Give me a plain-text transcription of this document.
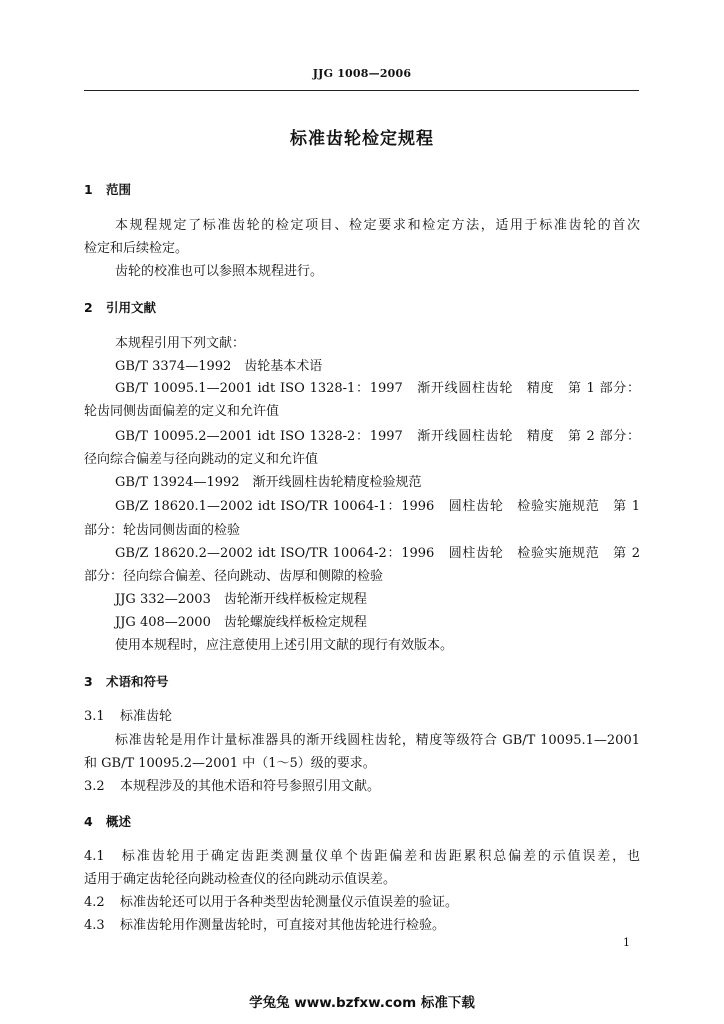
JJG 1008—2006
标准齿轮检定规程
1 范围
本规程规定了标准齿轮的检定项目、检定要求和检定方法，适用于标准齿轮的首次
检定和后续检定。
齿轮的校准也可以参照本规程进行。
2 引用文献
本规程引用下列文献：
GB/T 3374—1992　齿轮基本术语
GB/T 10095.1—2001 idt ISO 1328-1：1997　渐开线圆柱齿轮　精度　第 1 部分：
轮齿同侧齿面偏差的定义和允许值
GB/T 10095.2—2001 idt ISO 1328-2：1997　渐开线圆柱齿轮　精度　第 2 部分：
径向综合偏差与径向跳动的定义和允许值
GB/T 13924—1992　渐开线圆柱齿轮精度检验规范
GB/Z 18620.1—2002 idt ISO/TR 10064-1：1996　圆柱齿轮　检验实施规范　第 1
部分：轮齿同侧齿面的检验
GB/Z 18620.2—2002 idt ISO/TR 10064-2：1996　圆柱齿轮　检验实施规范　第 2
部分：径向综合偏差、径向跳动、齿厚和侧隙的检验
JJG 332—2003　齿轮渐开线样板检定规程
JJG 408—2000　齿轮螺旋线样板检定规程
使用本规程时，应注意使用上述引用文献的现行有效版本。
3 术语和符号
3.1 标准齿轮
标准齿轮是用作计量标准器具的渐开线圆柱齿轮，精度等级符合 GB/T 10095.1—2001
和 GB/T 10095.2—2001 中（1～5）级的要求。
3.2 本规程涉及的其他术语和符号参照引用文献。
4 概述
4.1 标准齿轮用于确定齿距类测量仪单个齿距偏差和齿距累积总偏差的示值误差，也
适用于确定齿轮径向跳动检查仪的径向跳动示值误差。
4.2 标准齿轮还可以用于各种类型齿轮测量仪示值误差的验证。
4.3 标准齿轮用作测量齿轮时，可直接对其他齿轮进行检验。
1
学兔兔 www.bzfxw.com 标准下载
